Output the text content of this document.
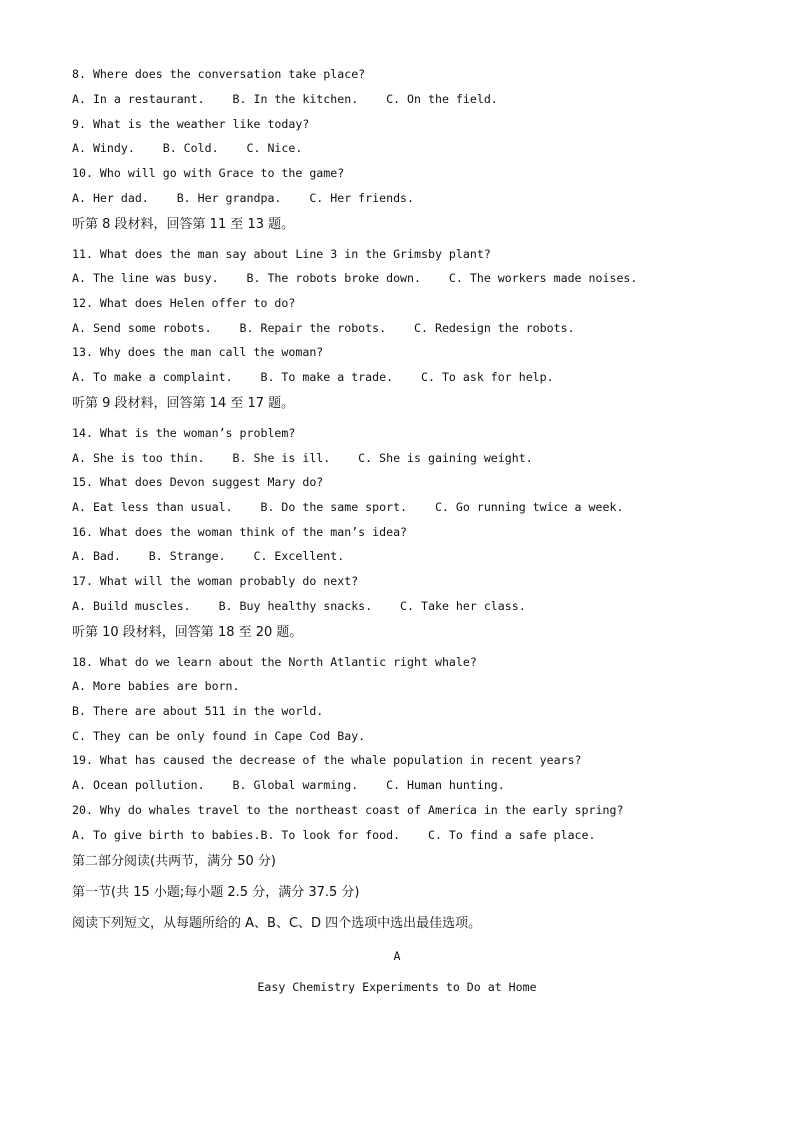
8. Where does the conversation take place?
A. In a restaurant.    B. In the kitchen.    C. On the field.
9. What is the weather like today?
A. Windy.    B. Cold.    C. Nice.
10. Who will go with Grace to the game?
A. Her dad.    B. Her grandpa.    C. Her friends.
听第 8 段材料，回答第 11 至 13 题。
11. What does the man say about Line 3 in the Grimsby plant?
A. The line was busy.    B. The robots broke down.    C. The workers made noises.
12. What does Helen offer to do?
A. Send some robots.    B. Repair the robots.    C. Redesign the robots.
13. Why does the man call the woman?
A. To make a complaint.    B. To make a trade.    C. To ask for help.
听第 9 段材料，回答第 14 至 17 题。
14. What is the woman’s problem?
A. She is too thin.    B. She is ill.    C. She is gaining weight.
15. What does Devon suggest Mary do?
A. Eat less than usual.    B. Do the same sport.    C. Go running twice a week.
16. What does the woman think of the man’s idea?
A. Bad.    B. Strange.    C. Excellent.
17. What will the woman probably do next?
A. Build muscles.    B. Buy healthy snacks.    C. Take her class.
听第 10 段材料，回答第 18 至 20 题。
18. What do we learn about the North Atlantic right whale?
A. More babies are born.
B. There are about 511 in the world.
C. They can be only found in Cape Cod Bay.
19. What has caused the decrease of the whale population in recent years?
A. Ocean pollution.    B. Global warming.    C. Human hunting.
20. Why do whales travel to the northeast coast of America in the early spring?
A. To give birth to babies.B. To look for food.    C. To find a safe place.
第二部分阅读(共两节，满分 50 分)
第一节(共 15 小题;每小题 2.5 分，满分 37.5 分)
阅读下列短文，从每题所给的 A、B、C、D 四个选项中选出最佳选项。
A
Easy Chemistry Experiments to Do at Home
